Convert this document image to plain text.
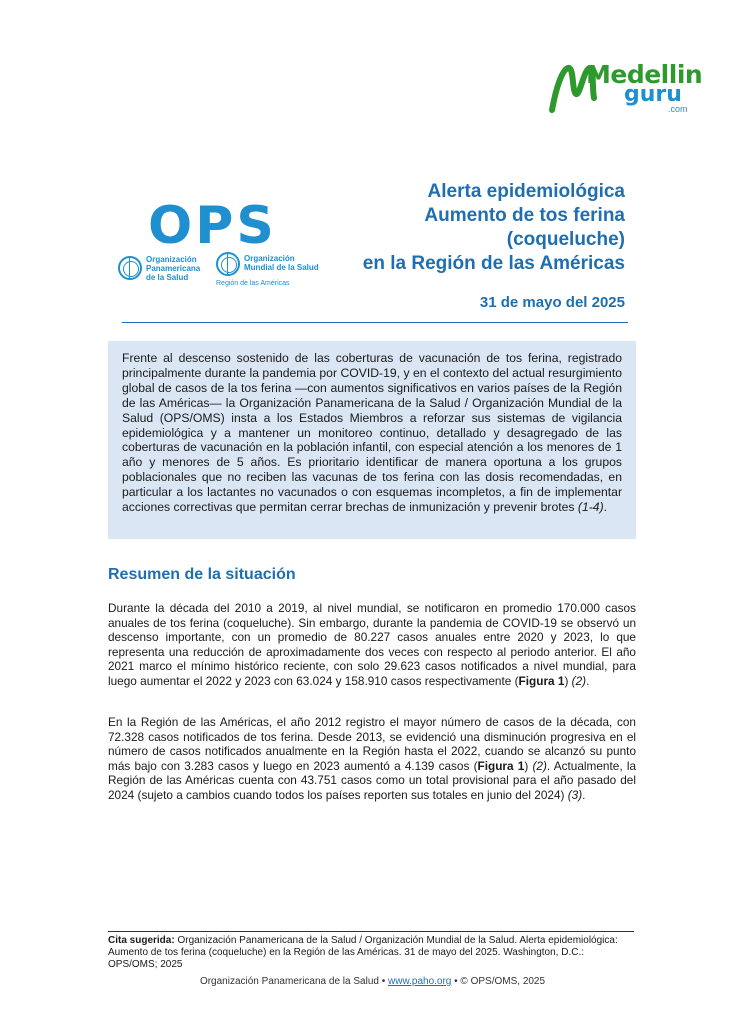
Medellin
guru
.com
OPS
Organización
Panamericana
de la Salud
Organización
Mundial de la Salud
Región de las Américas
Alerta epidemiológica
Aumento de tos ferina
(coqueluche)
en la Región de las Américas
31 de mayo del 2025

Frente al descenso sostenido de las coberturas de vacunación de tos ferina, registrado principalmente durante la pandemia por COVID-19, y en el contexto del actual resurgimiento global de casos de la tos ferina —con aumentos significativos en varios países de la Región de las Américas— la Organización Panamericana de la Salud / Organización Mundial de la Salud (OPS/OMS) insta a los Estados Miembros a reforzar sus sistemas de vigilancia epidemiológica y a mantener un monitoreo continuo, detallado y desagregado de las coberturas de vacunación en la población infantil, con especial atención a los menores de 1 año y menores de 5 años. Es prioritario identificar de manera oportuna a los grupos poblacionales que no reciben las vacunas de tos ferina con las dosis recomendadas, en particular a los lactantes no vacunados o con esquemas incompletos, a fin de implementar acciones correctivas que permitan cerrar brechas de inmunización y prevenir brotes (1-4).

Resumen de la situación

Durante la década del 2010 a 2019, al nivel mundial, se notificaron en promedio 170.000 casos anuales de tos ferina (coqueluche). Sin embargo, durante la pandemia de COVID-19 se observó un descenso importante, con un promedio de 80.227 casos anuales entre 2020 y 2023, lo que representa una reducción de aproximadamente dos veces con respecto al periodo anterior. El año 2021 marco el mínimo histórico reciente, con solo 29.623 casos notificados a nivel mundial, para luego aumentar el 2022 y 2023 con 63.024 y 158.910 casos respectivamente (Figura 1) (2).

En la Región de las Américas, el año 2012 registro el mayor número de casos de la década, con 72.328 casos notificados de tos ferina. Desde 2013, se evidenció una disminución progresiva en el número de casos notificados anualmente en la Región hasta el 2022, cuando se alcanzó su punto más bajo con 3.283 casos y luego en 2023 aumentó a 4.139 casos (Figura 1) (2). Actualmente, la Región de las Américas cuenta con 43.751 casos como un total provisional para el año pasado del 2024 (sujeto a cambios cuando todos los países reporten sus totales en junio del 2024) (3).

Cita sugerida: Organización Panamericana de la Salud / Organización Mundial de la Salud. Alerta epidemiológica: Aumento de tos ferina (coqueluche) en la Región de las Américas. 31 de mayo del 2025. Washington, D.C.: OPS/OMS; 2025
Organización Panamericana de la Salud • www.paho.org • © OPS/OMS, 2025
